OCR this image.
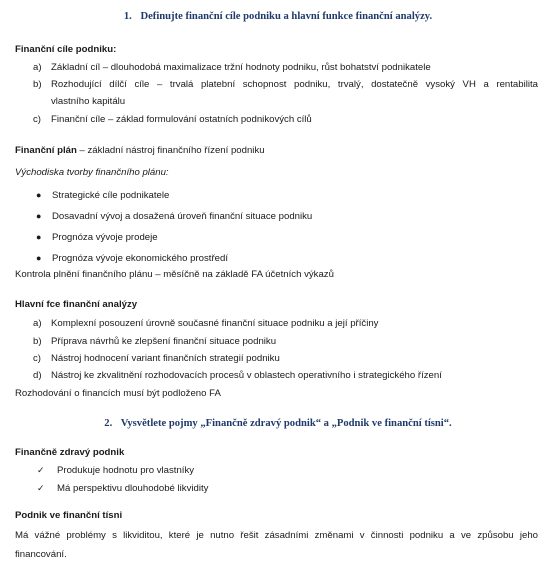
1. Definujte finanční cíle podniku a hlavní funkce finanční analýzy.
Finanční cíle podniku:
a) Základní cíl – dlouhodobá maximalizace tržní hodnoty podniku, růst bohatství podnikatele
b) Rozhodující dílčí cíle – trvalá platební schopnost podniku, trvalý, dostatečně vysoký VH a rentabilita
vlastního kapitálu
c) Finanční cíle – základ formulování ostatních podnikových cílů
Finanční plán – základní nástroj finančního řízení podniku
Východiska tvorby finančního plánu:
● Strategické cíle podnikatele
● Dosavadní vývoj a dosažená úroveň finanční situace podniku
● Prognóza vývoje prodeje
● Prognóza vývoje ekonomického prostředí
Kontrola plnění finančního plánu – měsíčně na základě FA účetních výkazů
Hlavní fce finanční analýzy
a) Komplexní posouzení úrovně současné finanční situace podniku a její příčiny
b) Příprava návrhů ke zlepšení finanční situace podniku
c) Nástroj hodnocení variant finančních strategií podniku
d) Nástroj ke zkvalitnění rozhodovacích procesů v oblastech operativního i strategického řízení
Rozhodování o financích musí být podloženo FA
2. Vysvětlete pojmy „Finančně zdravý podnik“ a „Podnik ve finanční tísni“.
Finančně zdravý podnik
✓ Produkuje hodnotu pro vlastníky
✓ Má perspektivu dlouhodobé likvidity
Podnik ve finanční tísni
Má vážné problémy s likviditou, které je nutno řešit zásadními změnami v činnosti podniku a ve způsobu jeho
financování.
